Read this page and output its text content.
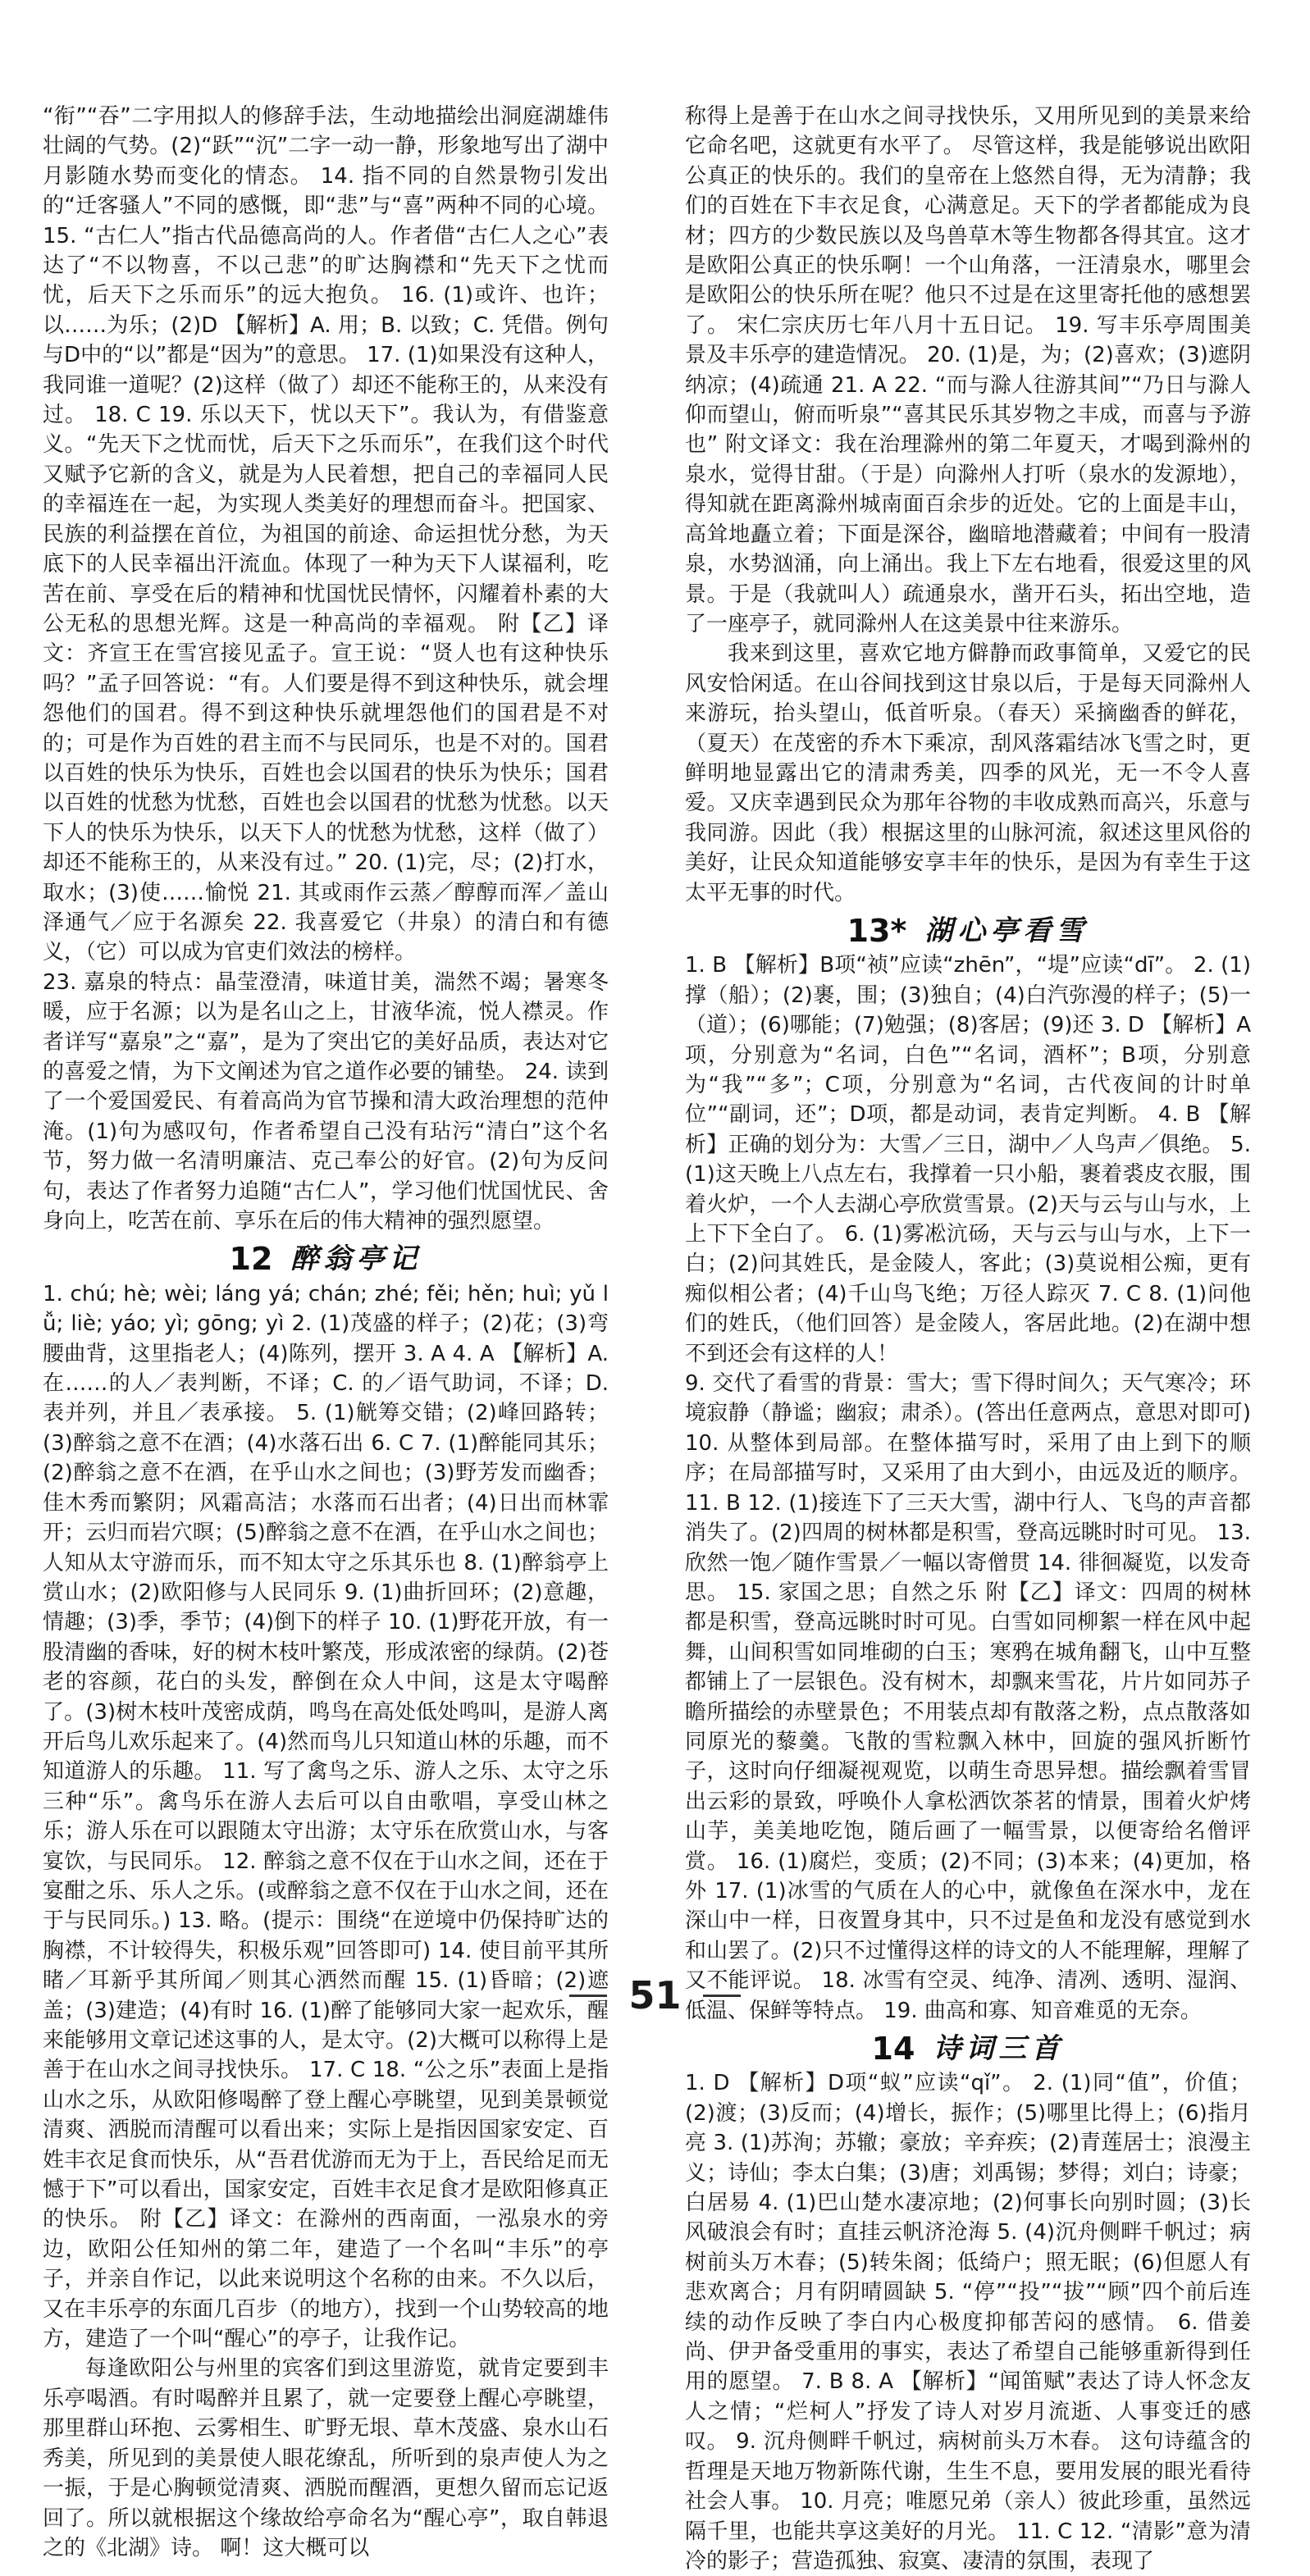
“衔”“吞”二字用拟人的修辞手法，生动地描绘出洞庭湖雄伟壮阔的气势。(2)“跃”“沉”二字一动一静，形象地写出了湖中月影随水势而变化的情态。 14. 指不同的自然景物引发出的“迁客骚人”不同的感慨，即“悲”与“喜”两种不同的心境。 15. “古仁人”指古代品德高尚的人。作者借“古仁人之心”表达了“不以物喜，不以己悲”的旷达胸襟和“先天下之忧而忧，后天下之乐而乐”的远大抱负。 16. (1)或许、也许；以……为乐；(2)D 【解析】A. 用；B. 以致；C. 凭借。例句与D中的“以”都是“因为”的意思。 17. (1)如果没有这种人，我同谁一道呢？(2)这样（做了）却还不能称王的，从来没有过。 18. C 19. 乐以天下，忧以天下”。我认为，有借鉴意义。“先天下之忧而忧，后天下之乐而乐”，在我们这个时代又赋予它新的含义，就是为人民着想，把自己的幸福同人民的幸福连在一起，为实现人类美好的理想而奋斗。把国家、民族的利益摆在首位，为祖国的前途、命运担忧分愁，为天底下的人民幸福出汗流血。体现了一种为天下人谋福利，吃苦在前、享受在后的精神和忧国忧民情怀，闪耀着朴素的大公无私的思想光辉。这是一种高尚的幸福观。 附【乙】译文：齐宣王在雪宫接见孟子。宣王说：“贤人也有这种快乐吗？”孟子回答说：“有。人们要是得不到这种快乐，就会埋怨他们的国君。得不到这种快乐就埋怨他们的国君是不对的；可是作为百姓的君主而不与民同乐，也是不对的。国君以百姓的快乐为快乐，百姓也会以国君的快乐为快乐；国君以百姓的忧愁为忧愁，百姓也会以国君的忧愁为忧愁。以天下人的快乐为快乐，以天下人的忧愁为忧愁，这样（做了）却还不能称王的，从来没有过。” 20. (1)完，尽；(2)打水，取水；(3)使……愉悦 21. 其或雨作云蒸／醇醇而浑／盖山泽通气／应于名源矣 22. 我喜爱它（井泉）的清白和有德义，（它）可以成为官吏们效法的榜样。

23. 嘉泉的特点：晶莹澄清，味道甘美，湍然不竭；暑寒冬暖，应于名源；以为是名山之上，甘液华流，悦人襟灵。作者详写“嘉泉”之“嘉”，是为了突出它的美好品质，表达对它的喜爱之情，为下文阐述为官之道作必要的铺垫。 24. 读到了一个爱国爱民、有着高尚为官节操和清大政治理想的范仲淹。(1)句为感叹句，作者希望自己没有玷污“清白”这个名节，努力做一名清明廉洁、克己奉公的好官。(2)句为反问句，表达了作者努力追随“古仁人”，学习他们忧国忧民、舍身向上，吃苦在前、享乐在后的伟大精神的强烈愿望。

12 醉翁亭记

1. chú; hè; wèi; láng yá; chán; zhé; fěi; hěn; huì; yǔ lǚ; liè; yáo; yì; gōng; yì 2. (1)茂盛的样子；(2)花；(3)弯腰曲背，这里指老人；(4)陈列，摆开 3. A 4. A 【解析】A. 在……的人／表判断，不译；C. 的／语气助词，不译；D. 表并列，并且／表承接。 5. (1)觥筹交错；(2)峰回路转；(3)醉翁之意不在酒；(4)水落石出 6. C 7. (1)醉能同其乐；(2)醉翁之意不在酒，在乎山水之间也；(3)野芳发而幽香；佳木秀而繁阴；风霜高洁；水落而石出者；(4)日出而林霏开；云归而岩穴暝；(5)醉翁之意不在酒，在乎山水之间也；人知从太守游而乐，而不知太守之乐其乐也 8. (1)醉翁亭上赏山水；(2)欧阳修与人民同乐 9. (1)曲折回环；(2)意趣，情趣；(3)季，季节；(4)倒下的样子 10. (1)野花开放，有一股清幽的香味，好的树木枝叶繁茂，形成浓密的绿荫。(2)苍老的容颜，花白的头发，醉倒在众人中间，这是太守喝醉了。(3)树木枝叶茂密成荫，鸣鸟在高处低处鸣叫，是游人离开后鸟儿欢乐起来了。(4)然而鸟儿只知道山林的乐趣，而不知道游人的乐趣。 11. 写了禽鸟之乐、游人之乐、太守之乐三种“乐”。禽鸟乐在游人去后可以自由歌唱，享受山林之乐；游人乐在可以跟随太守出游；太守乐在欣赏山水，与客宴饮，与民同乐。 12. 醉翁之意不仅在于山水之间，还在于宴酣之乐、乐人之乐。(或醉翁之意不仅在于山水之间，还在于与民同乐。) 13. 略。(提示：围绕“在逆境中仍保持旷达的胸襟，不计较得失，积极乐观”回答即可) 14. 使目前平其所睹／耳新乎其所闻／则其心洒然而醒 15. (1)昏暗；(2)遮盖；(3)建造；(4)有时 16. (1)醉了能够同大家一起欢乐，醒来能够用文章记述这事的人，是太守。(2)大概可以称得上是善于在山水之间寻找快乐。 17. C 18. “公之乐”表面上是指山水之乐，从欧阳修喝醉了登上醒心亭眺望，见到美景顿觉清爽、洒脱而清醒可以看出来；实际上是指因国家安定、百姓丰衣足食而快乐，从“吾君优游而无为于上，吾民给足而无憾于下”可以看出，国家安定，百姓丰衣足食才是欧阳修真正的快乐。 附【乙】译文：在滁州的西南面，一泓泉水的旁边，欧阳公任知州的第二年，建造了一个名叫“丰乐”的亭子，并亲自作记，以此来说明这个名称的由来。不久以后，又在丰乐亭的东面几百步（的地方），找到一个山势较高的地方，建造了一个叫“醒心”的亭子，让我作记。

每逢欧阳公与州里的宾客们到这里游览，就肯定要到丰乐亭喝酒。有时喝醉并且累了，就一定要登上醒心亭眺望，那里群山环抱、云雾相生、旷野无垠、草木茂盛、泉水山石秀美，所见到的美景使人眼花缭乱，所听到的泉声使人为之一振，于是心胸顿觉清爽、洒脱而醒酒，更想久留而忘记返回了。所以就根据这个缘故给亭命名为“醒心亭”，取自韩退之的《北湖》诗。 啊！这大概可以

称得上是善于在山水之间寻找快乐，又用所见到的美景来给它命名吧，这就更有水平了。 尽管这样，我是能够说出欧阳公真正的快乐的。我们的皇帝在上悠然自得，无为清静；我们的百姓在下丰衣足食，心满意足。天下的学者都能成为良材；四方的少数民族以及鸟兽草木等生物都各得其宜。这才是欧阳公真正的快乐啊！一个山角落，一汪清泉水，哪里会是欧阳公的快乐所在呢？他只不过是在这里寄托他的感想罢了。 宋仁宗庆历七年八月十五日记。 19. 写丰乐亭周围美景及丰乐亭的建造情况。 20. (1)是，为；(2)喜欢；(3)遮阴纳凉；(4)疏通 21. A 22. “而与滁人往游其间”“乃日与滁人仰而望山，俯而听泉”“喜其民乐其岁物之丰成，而喜与予游也” 附文译文：我在治理滁州的第二年夏天，才喝到滁州的泉水，觉得甘甜。（于是）向滁州人打听（泉水的发源地），得知就在距离滁州城南面百余步的近处。它的上面是丰山，高耸地矗立着；下面是深谷，幽暗地潜藏着；中间有一股清泉，水势汹涌，向上涌出。我上下左右地看，很爱这里的风景。于是（我就叫人）疏通泉水，凿开石头，拓出空地，造了一座亭子，就同滁州人在这美景中往来游乐。

我来到这里，喜欢它地方僻静而政事简单，又爱它的民风安恰闲适。在山谷间找到这甘泉以后，于是每天同滁州人来游玩，抬头望山，低首听泉。（春天）采摘幽香的鲜花，（夏天）在茂密的乔木下乘凉，刮风落霜结冰飞雪之时，更鲜明地显露出它的清肃秀美，四季的风光，无一不令人喜爱。又庆幸遇到民众为那年谷物的丰收成熟而高兴，乐意与我同游。因此（我）根据这里的山脉河流，叙述这里风俗的美好，让民众知道能够安享丰年的快乐，是因为有幸生于这太平无事的时代。

13* 湖心亭看雪

1. B 【解析】B项“祯”应读“zhēn”，“堤”应读“dī”。 2. (1)撑（船）；(2)裹，围；(3)独自；(4)白汽弥漫的样子；(5)一（道）；(6)哪能；(7)勉强；(8)客居；(9)还 3. D 【解析】A项，分别意为“名词，白色”“名词，酒杯”；B项，分别意为“我”“多”；C项，分别意为“名词，古代夜间的计时单位”“副词，还”；D项，都是动词，表肯定判断。 4. B 【解析】正确的划分为：大雪／三日，湖中／人鸟声／俱绝。 5. (1)这天晚上八点左右，我撑着一只小船，裹着裘皮衣服，围着火炉，一个人去湖心亭欣赏雪景。(2)天与云与山与水，上上下下全白了。 6. (1)雾凇沆砀，天与云与山与水，上下一白；(2)问其姓氏，是金陵人，客此；(3)莫说相公痴，更有痴似相公者；(4)千山鸟飞绝；万径人踪灭 7. C 8. (1)问他们的姓氏，（他们回答）是金陵人，客居此地。(2)在湖中想不到还会有这样的人！

9. 交代了看雪的背景：雪大；雪下得时间久；天气寒冷；环境寂静（静谧；幽寂；肃杀）。(答出任意两点，意思对即可) 10. 从整体到局部。在整体描写时，采用了由上到下的顺序；在局部描写时，又采用了由大到小，由远及近的顺序。 11. B 12. (1)接连下了三天大雪，湖中行人、飞鸟的声音都消失了。(2)四周的树林都是积雪，登高远眺时时可见。 13. 欣然一饱／随作雪景／一幅以寄僧贯 14. 徘徊凝览，以发奇思。 15. 家国之思；自然之乐 附【乙】译文：四周的树林都是积雪，登高远眺时时可见。白雪如同柳絮一样在风中起舞，山间积雪如同堆砌的白玉；寒鸦在城角翻飞，山中互整都铺上了一层银色。没有树木，却飘来雪花，片片如同苏子瞻所描绘的赤壁景色；不用装点却有散落之粉，点点散落如同原光的藜羹。飞散的雪粒飘入林中，回旋的强风折断竹子，这时向仔细凝视观览，以萌生奇思异想。描绘飘着雪冒出云彩的景致，呼唤仆人拿松洒饮茶茗的情景，围着火炉烤山芋，美美地吃饱，随后画了一幅雪景，以便寄给名僧评赏。 16. (1)腐烂，变质；(2)不同；(3)本来；(4)更加，格外 17. (1)冰雪的气质在人的心中，就像鱼在深水中，龙在深山中一样，日夜置身其中，只不过是鱼和龙没有感觉到水和山罢了。(2)只不过懂得这样的诗文的人不能理解，理解了又不能评说。 18. 冰雪有空灵、纯净、清冽、透明、湿润、低温、保鲜等特点。 19. 曲高和寡、知音难觅的无奈。

14 诗词三首

1. D 【解析】D项“蚁”应读“qǐ”。 2. (1)同“值”，价值；(2)渡；(3)反而；(4)增长，振作；(5)哪里比得上；(6)指月亮 3. (1)苏洵；苏辙；豪放；辛弃疾；(2)青莲居士；浪漫主义；诗仙；李太白集；(3)唐；刘禹锡；梦得；刘白；诗豪；白居易 4. (1)巴山楚水凄凉地；(2)何事长向别时圆；(3)长风破浪会有时；直挂云帆济沧海 5. (4)沉舟侧畔千帆过；病树前头万木春；(5)转朱阁；低绮户；照无眠；(6)但愿人有悲欢离合；月有阴晴圆缺 5. “停”“投”“拔”“顾”四个前后连续的动作反映了李白内心极度抑郁苦闷的感情。 6. 借姜尚、伊尹备受重用的事实，表达了希望自己能够重新得到任用的愿望。 7. B 8. A 【解析】“闻笛赋”表达了诗人怀念友人之情；“烂柯人”抒发了诗人对岁月流逝、人事变迁的感叹。 9. 沉舟侧畔千帆过，病树前头万木春。 这句诗蕴含的哲理是天地万物新陈代谢，生生不息，要用发展的眼光看待社会人事。 10. 月亮；唯愿兄弟（亲人）彼此珍重，虽然远隔千里，也能共享这美好的月光。 11. C 12. “清影”意为清冷的影子；营造孤独、寂寞、凄清的氛围，表现了

51
